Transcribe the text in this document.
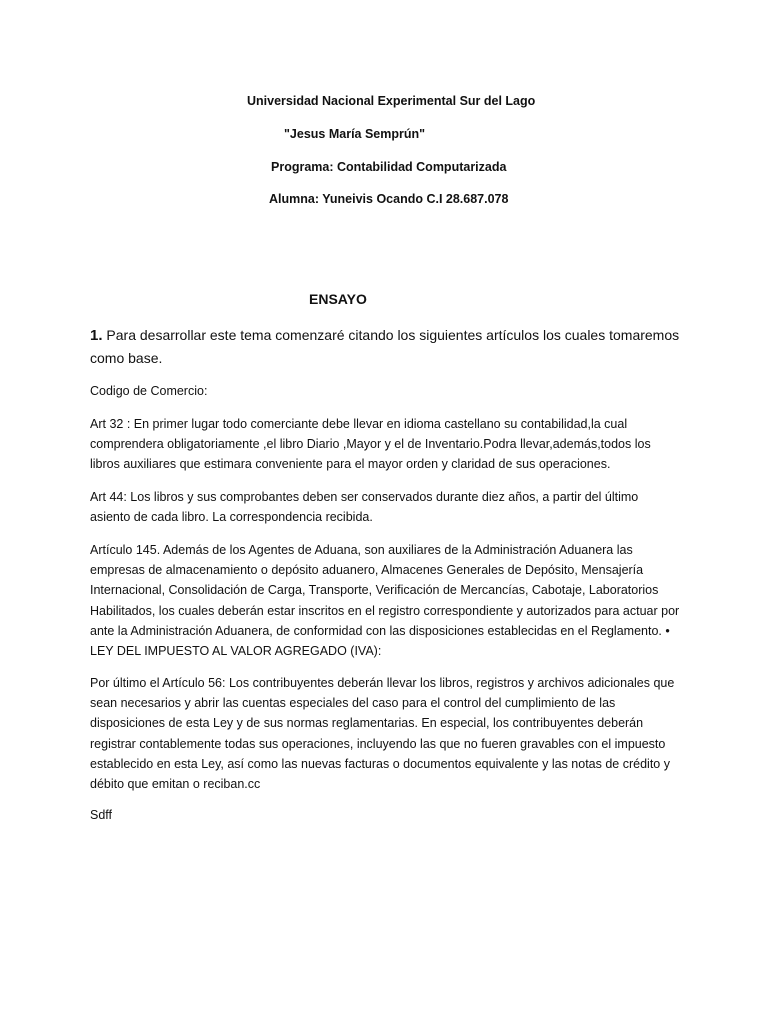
Universidad Nacional Experimental Sur del Lago
"Jesus María Semprún"
Programa: Contabilidad Computarizada
Alumna: Yuneivis Ocando C.I 28.687.078
ENSAYO

1. Para desarrollar este tema comenzaré citando los siguientes artículos los cuales tomaremos como base.

Codigo de Comercio:

Art 32 : En primer lugar todo comerciante debe llevar en idioma castellano su contabilidad,la cual comprendera obligatoriamente ,el libro Diario ,Mayor y el de Inventario.Podra llevar,además,todos los libros auxiliares que estimara conveniente para el mayor orden y claridad de sus operaciones.

Art 44: Los libros y sus comprobantes deben ser conservados durante diez años, a partir del último asiento de cada libro. La correspondencia recibida.

Artículo 145. Además de los Agentes de Aduana, son auxiliares de la Administración Aduanera las empresas de almacenamiento o depósito aduanero, Almacenes Generales de Depósito, Mensajería Internacional, Consolidación de Carga, Transporte, Verificación de Mercancías, Cabotaje, Laboratorios Habilitados, los cuales deberán estar inscritos en el registro correspondiente y autorizados para actuar por ante la Administración Aduanera, de conformidad con las disposiciones establecidas en el Reglamento. • LEY DEL IMPUESTO AL VALOR AGREGADO (IVA):

Por último el Artículo 56: Los contribuyentes deberán llevar los libros, registros y archivos adicionales que sean necesarios y abrir las cuentas especiales del caso para el control del cumplimiento de las disposiciones de esta Ley y de sus normas reglamentarias. En especial, los contribuyentes deberán registrar contablemente todas sus operaciones, incluyendo las que no fueren gravables con el impuesto establecido en esta Ley, así como las nuevas facturas o documentos equivalente y las notas de crédito y débito que emitan o reciban.cc

Sdff
